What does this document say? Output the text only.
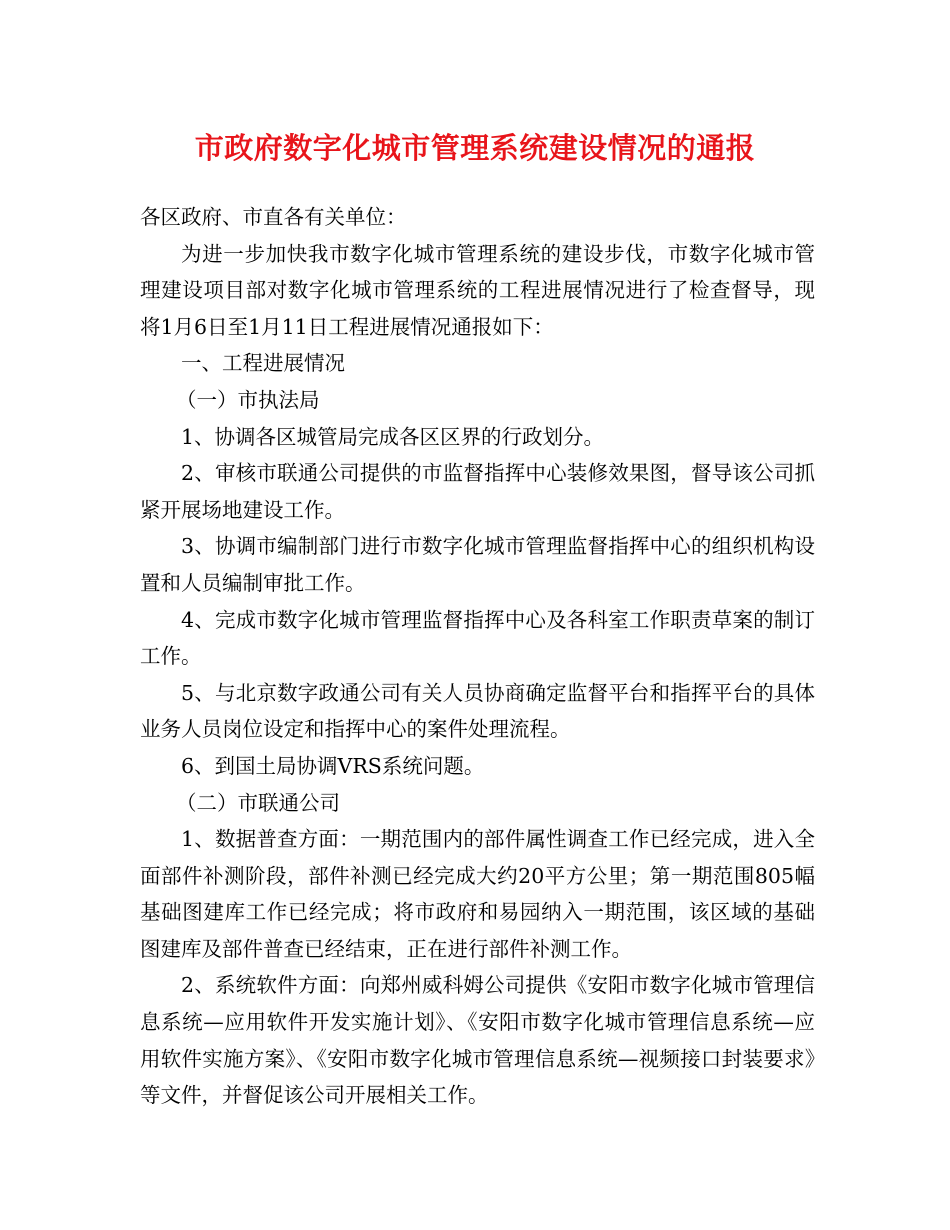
市政府数字化城市管理系统建设情况的通报

各区政府、市直各有关单位：

为进一步加快我市数字化城市管理系统的建设步伐，市数字化城市管理建设项目部对数字化城市管理系统的工程进展情况进行了检查督导，现将1月6日至1月11日工程进展情况通报如下：

一、工程进展情况

（一）市执法局

1、协调各区城管局完成各区区界的行政划分。

2、审核市联通公司提供的市监督指挥中心装修效果图，督导该公司抓紧开展场地建设工作。

3、协调市编制部门进行市数字化城市管理监督指挥中心的组织机构设置和人员编制审批工作。

4、完成市数字化城市管理监督指挥中心及各科室工作职责草案的制订工作。

5、与北京数字政通公司有关人员协商确定监督平台和指挥平台的具体业务人员岗位设定和指挥中心的案件处理流程。

6、到国土局协调VRS系统问题。

（二）市联通公司

1、数据普查方面：一期范围内的部件属性调查工作已经完成，进入全面部件补测阶段，部件补测已经完成大约20平方公里；第一期范围805幅基础图建库工作已经完成；将市政府和易园纳入一期范围，该区域的基础图建库及部件普查已经结束，正在进行部件补测工作。

2、系统软件方面：向郑州威科姆公司提供《安阳市数字化城市管理信息系统—应用软件开发实施计划》、《安阳市数字化城市管理信息系统—应用软件实施方案》、《安阳市数字化城市管理信息系统—视频接口封装要求》等文件，并督促该公司开展相关工作。
